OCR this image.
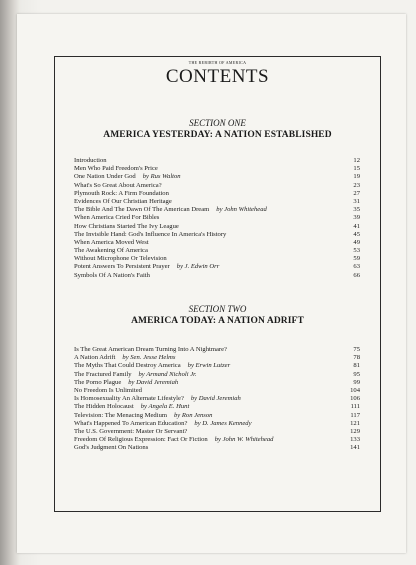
THE REBIRTH OF AMERICA
CONTENTS
SECTION ONE
AMERICA YESTERDAY: A NATION ESTABLISHED
Introduction	12
Men Who Paid Freedom's Price	15
One Nation Under God by Rus Walton	19
What's So Great About America?	23
Plymouth Rock: A Firm Foundation	27
Evidences Of Our Christian Heritage	31
The Bible And The Dawn Of The American Dream by John Whitehead	35
When America Cried For Bibles	39
How Christians Started The Ivy League	41
The Invisible Hand: God's Influence In America's History	45
When America Moved West	49
The Awakening Of America	53
Without Microphone Or Television	59
Potent Answers To Persistent Prayer by J. Edwin Orr	63
Symbols Of A Nation's Faith	66
SECTION TWO
AMERICA TODAY: A NATION ADRIFT
Is The Great American Dream Turning Into A Nightmare?	75
A Nation Adrift by Sen. Jesse Helms	78
The Myths That Could Destroy America by Erwin Lutzer	81
The Fractured Family by Armand Nicholi Jr.	95
The Porno Plague by David Jeremiah	99
No Freedom Is Unlimited	104
Is Homosexuality An Alternate Lifestyle? by David Jeremiah	106
The Hidden Holocaust by Angela E. Hunt	111
Television: The Menacing Medium by Ron Jenson	117
What's Happened To American Education? by D. James Kennedy	121
The U.S. Government: Master Or Servant?	129
Freedom Of Religious Expression: Fact Or Fiction by John W. Whitehead	133
God's Judgment On Nations	141
